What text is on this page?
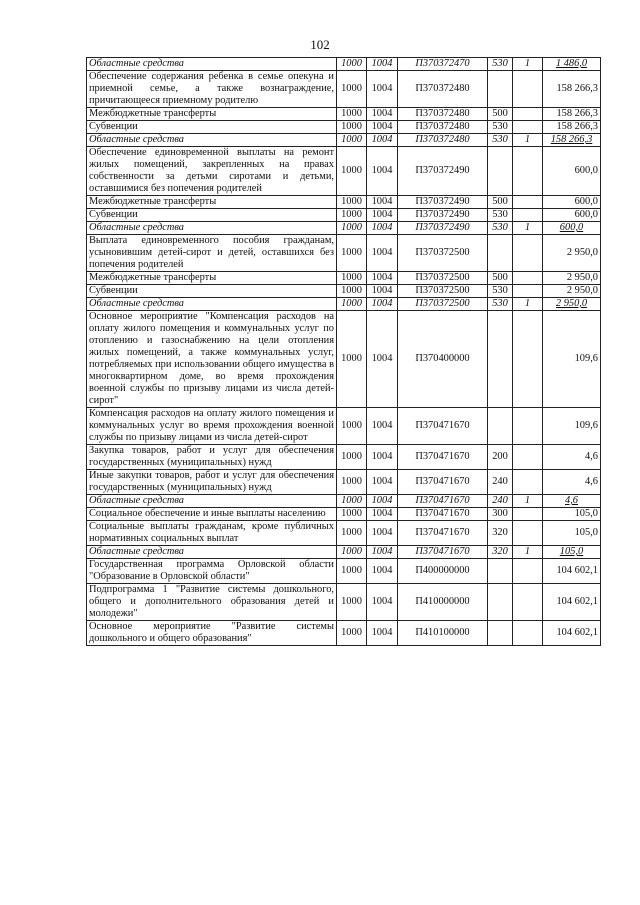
102
Областные средства	1000	1004	П370372470	530	1	1 486,0
Обеспечение содержания ребенка в семье опекуна и приемной семье, а также вознаграждение, причитающееся приемному родителю	1000	1004	П370372480			158 266,3
Межбюджетные трансферты	1000	1004	П370372480	500		158 266,3
Субвенции	1000	1004	П370372480	530		158 266,3
Областные средства	1000	1004	П370372480	530	1	158 266,3
Обеспечение единовременной выплаты на ремонт жилых помещений, закрепленных на правах собственности за детьми сиротами и детьми, оставшимися без попечения родителей	1000	1004	П370372490			600,0
Межбюджетные трансферты	1000	1004	П370372490	500		600,0
Субвенции	1000	1004	П370372490	530		600,0
Областные средства	1000	1004	П370372490	530	1	600,0
Выплата единовременного пособия гражданам, усыновившим детей-сирот и детей, оставшихся без попечения родителей	1000	1004	П370372500			2 950,0
Межбюджетные трансферты	1000	1004	П370372500	500		2 950,0
Субвенции	1000	1004	П370372500	530		2 950,0
Областные средства	1000	1004	П370372500	530	1	2 950,0
Основное мероприятие "Компенсация расходов на оплату жилого помещения и коммунальных услуг по отоплению и газоснабжению на цели отопления жилых помещений, а также коммунальных услуг, потребляемых при использовании общего имущества в многоквартирном доме, во время прохождения военной службы по призыву лицами из числа детей-сирот"	1000	1004	П370400000			109,6
Компенсация расходов на оплату жилого помещения и коммунальных услуг во время прохождения военной службы по призыву лицами из числа детей-сирот	1000	1004	П370471670			109,6
Закупка товаров, работ и услуг для обеспечения государственных (муниципальных) нужд	1000	1004	П370471670	200		4,6
Иные закупки товаров, работ и услуг для обеспечения государственных (муниципальных) нужд	1000	1004	П370471670	240		4,6
Областные средства	1000	1004	П370471670	240	1	4,6
Социальное обеспечение и иные выплаты населению	1000	1004	П370471670	300		105,0
Социальные выплаты гражданам, кроме публичных нормативных социальных выплат	1000	1004	П370471670	320		105,0
Областные средства	1000	1004	П370471670	320	1	105,0
Государственная программа Орловской области "Образование в Орловской области"	1000	1004	П400000000			104 602,1
Подпрограмма 1 "Развитие системы дошкольного, общего и дополнительного образования детей и молодежи"	1000	1004	П410000000			104 602,1
Основное мероприятие "Развитие системы дошкольного и общего образования"	1000	1004	П410100000			104 602,1
